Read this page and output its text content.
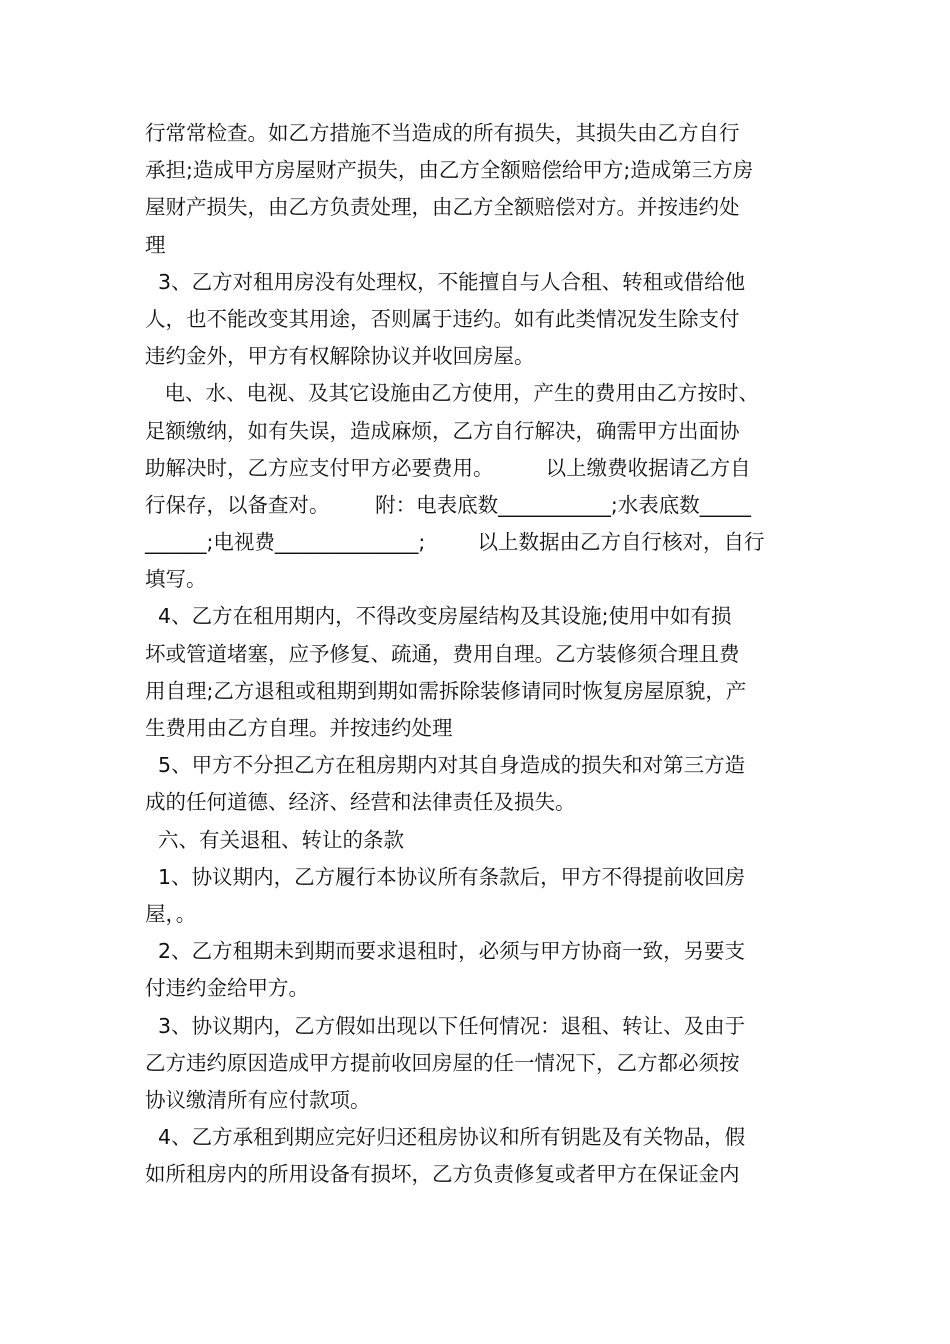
行常常检查。如乙方措施不当造成的所有损失，其损失由乙方自行
承担;造成甲方房屋财产损失，由乙方全额赔偿给甲方;造成第三方房
屋财产损失，由乙方负责处理，由乙方全额赔偿对方。并按违约处
理
3、乙方对租用房没有处理权，不能擅自与人合租、转租或借给他
人，也不能改变其用途，否则属于违约。如有此类情况发生除支付
违约金外，甲方有权解除协议并收回房屋。
电、水、电视、及其它设施由乙方使用，产生的费用由乙方按时、
足额缴纳，如有失误，造成麻烦，乙方自行解决，确需甲方出面协
助解决时，乙方应支付甲方必要费用。        以上缴费收据请乙方自
行保存，以备查对。       附：电表底数___________;水表底数_____
______;电视费______________;        以上数据由乙方自行核对，自行
填写。
4、乙方在租用期内，不得改变房屋结构及其设施;使用中如有损
坏或管道堵塞，应予修复、疏通，费用自理。乙方装修须合理且费
用自理;乙方退租或租期到期如需拆除装修请同时恢复房屋原貌，产
生费用由乙方自理。并按违约处理
5、甲方不分担乙方在租房期内对其自身造成的损失和对第三方造
成的任何道德、经济、经营和法律责任及损失。
六、有关退租、转让的条款
1、协议期内，乙方履行本协议所有条款后，甲方不得提前收回房
屋，。
2、乙方租期未到期而要求退租时，必须与甲方协商一致，另要支
付违约金给甲方。
3、协议期内，乙方假如出现以下任何情况：退租、转让、及由于
乙方违约原因造成甲方提前收回房屋的任一情况下，乙方都必须按
协议缴清所有应付款项。
4、乙方承租到期应完好归还租房协议和所有钥匙及有关物品，假
如所租房内的所用设备有损坏，乙方负责修复或者甲方在保证金内
